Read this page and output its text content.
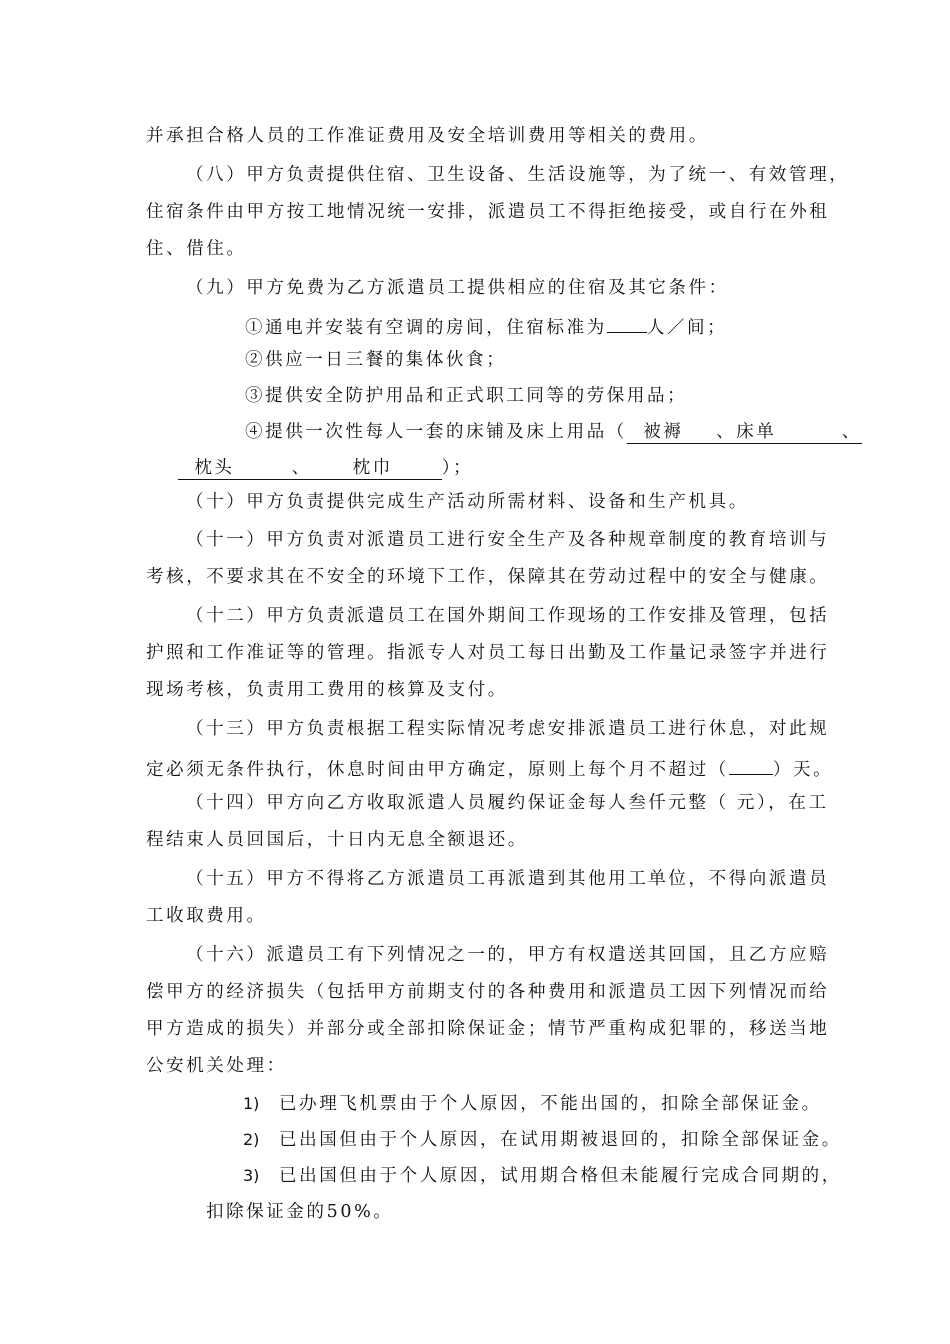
并承担合格人员的工作准证费用及安全培训费用等相关的费用。
（八）甲方负责提供住宿、卫生设备、生活设施等，为了统一、有效管理，
住宿条件由甲方按工地情况统一安排，派遣员工不得拒绝接受，或自行在外租
住、借住。
（九）甲方免费为乙方派遣员工提供相应的住宿及其它条件：
①通电并安装有空调的房间，住宿标准为 人／间；
②供应一日三餐的集体伙食；
③提供安全防护用品和正式职工同等的劳保用品；
④提供一次性每人一套的床铺及床上用品（ 被褥 、床单	、
枕头	、 枕巾	）；
（十）甲方负责提供完成生产活动所需材料、设备和生产机具。
（十一）甲方负责对派遣员工进行安全生产及各种规章制度的教育培训与
考核，不要求其在不安全的环境下工作，保障其在劳动过程中的安全与健康。
（十二）甲方负责派遣员工在国外期间工作现场的工作安排及管理，包括
护照和工作准证等的管理。指派专人对员工每日出勤及工作量记录签字并进行
现场考核，负责用工费用的核算及支付。
（十三）甲方负责根据工程实际情况考虑安排派遣员工进行休息，对此规
定必须无条件执行，休息时间由甲方确定，原则上每个月不超过（	）天。
（十四）甲方向乙方收取派遣人员履约保证金每人叁仟元整（ 元），在工
程结束人员回国后，十日内无息全额退还。
（十五）甲方不得将乙方派遣员工再派遣到其他用工单位，不得向派遣员
工收取费用。
（十六）派遣员工有下列情况之一的，甲方有权遣送其回国，且乙方应赔
偿甲方的经济损失（包括甲方前期支付的各种费用和派遣员工因下列情况而给
甲方造成的损失）并部分或全部扣除保证金；情节严重构成犯罪的，移送当地
公安机关处理：
1) 已办理飞机票由于个人原因，不能出国的，扣除全部保证金。
2) 已出国但由于个人原因，在试用期被退回的，扣除全部保证金。
3) 已出国但由于个人原因，试用期合格但未能履行完成合同期的，
扣除保证金的50%。
